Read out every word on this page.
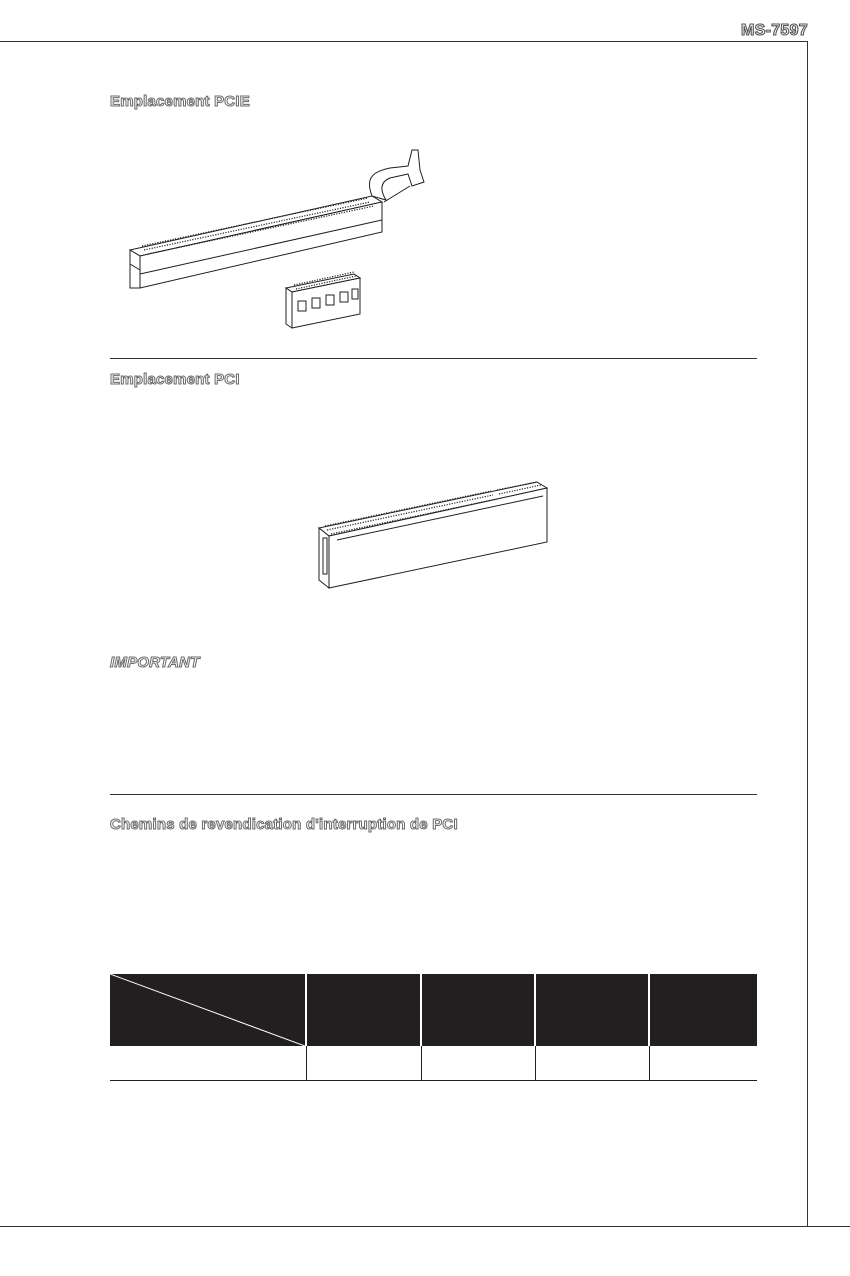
MS-7597
Emplacement PCIE
Emplacement PCI
IMPORTANT
Chemins de revendication d'interruption de PCI
